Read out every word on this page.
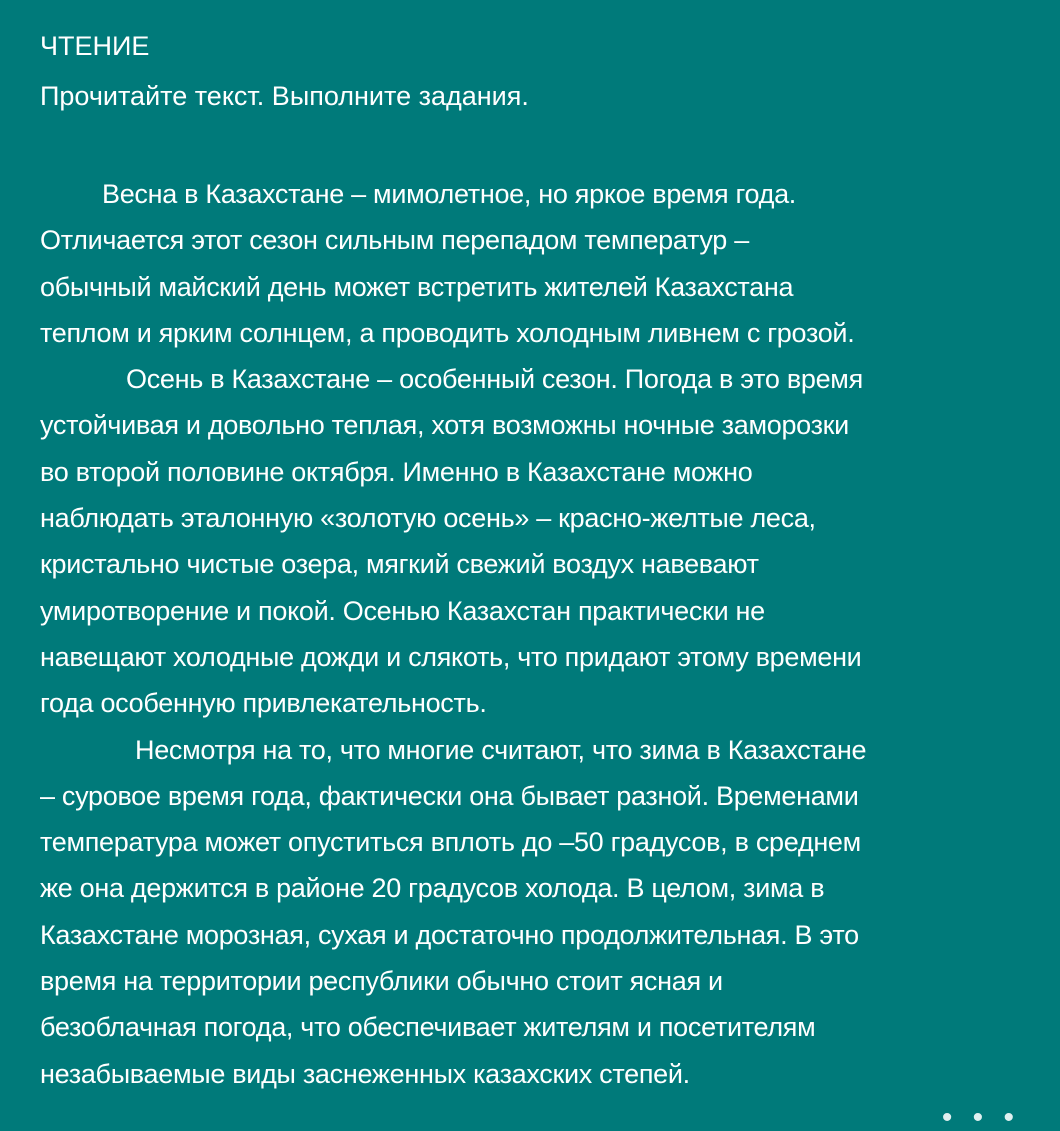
ЧТЕНИЕ
Прочитайте текст. Выполните задания.
Весна в Казахстане – мимолетное, но яркое время года.
Отличается этот сезон сильным перепадом температур –
обычный майский день может встретить жителей Казахстана
теплом и ярким солнцем, а проводить холодным ливнем с грозой.
Осень в Казахстане – особенный сезон. Погода в это время
устойчивая и довольно теплая, хотя возможны ночные заморозки
во второй половине октября. Именно в Казахстане можно
наблюдать эталонную «золотую осень» – красно-желтые леса,
кристально чистые озера, мягкий свежий воздух навевают
умиротворение и покой. Осенью Казахстан практически не
навещают холодные дожди и слякоть, что придают этому времени
года особенную привлекательность.
Несмотря на то, что многие считают, что зима в Казахстане
– суровое время года, фактически она бывает разной. Временами
температура может опуститься вплоть до –50 градусов, в среднем
же она держится в районе 20 градусов холода. В целом, зима в
Казахстане морозная, сухая и достаточно продолжительная. В это
время на территории республики обычно стоит ясная и
безоблачная погода, что обеспечивает жителям и посетителям
незабываемые виды заснеженных казахских степей.
• • •
